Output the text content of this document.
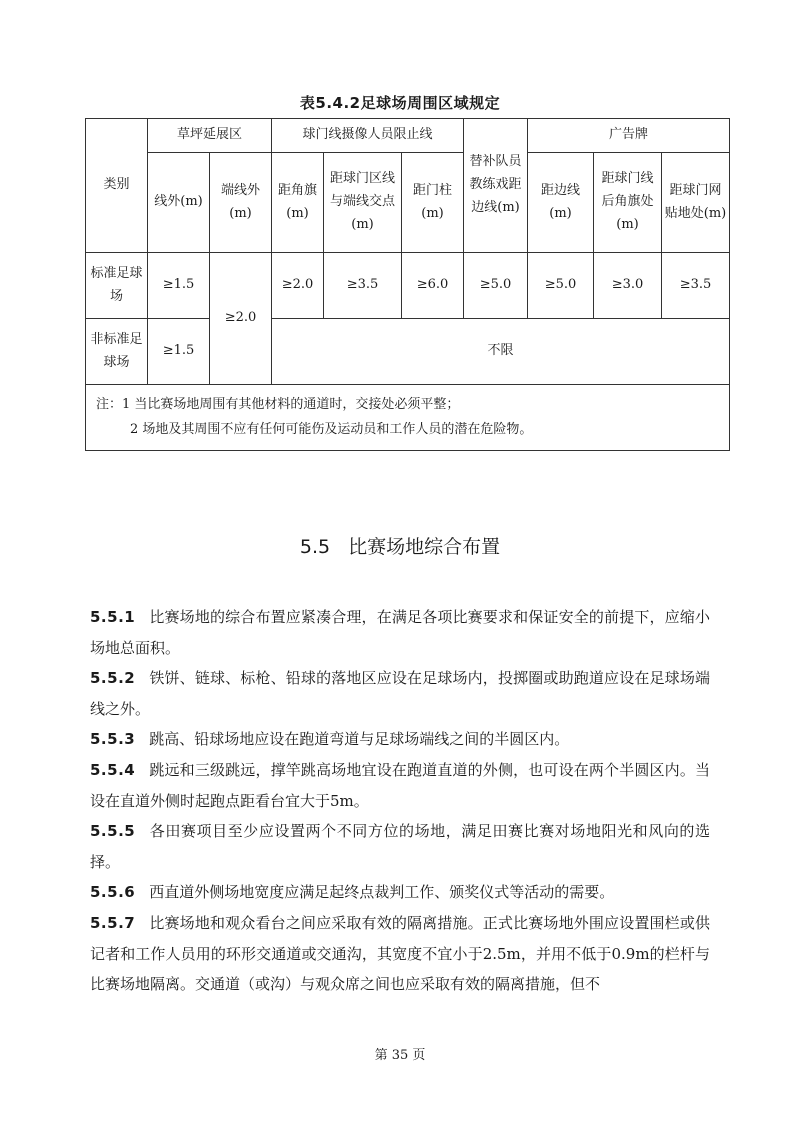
表5.4.2足球场周围区域规定
类别	草坪延展区		球门线摄像人员限止线			替补队员教练戏距边线(m)	广告牌		
	线外(m)	端线外(m)	距角旗(m)	距球门区线与端线交点(m)	距门柱(m)		距边线(m)	距球门线后角旗处(m)	距球门网贴地处(m)
标准足球场	≥1.5	≥2.0	≥2.0	≥3.5	≥6.0	≥5.0	≥5.0	≥3.0	≥3.5
非标准足球场	≥1.5		不限						

注：1 当比赛场地周围有其他材料的通道时，交接处必须平整；
2 场地及其周围不应有任何可能伤及运动员和工作人员的潜在危险物。									
5.5 比赛场地综合布置

5.5.1 比赛场地的综合布置应紧凑合理，在满足各项比赛要求和保证安全的前提下，应缩小场地总面积。

5.5.2 铁饼、链球、标枪、铅球的落地区应设在足球场内，投掷圈或助跑道应设在足球场端线之外。

5.5.3 跳高、铅球场地应设在跑道弯道与足球场端线之间的半圆区内。

5.5.4 跳远和三级跳远，撑竿跳高场地宜设在跑道直道的外侧，也可设在两个半圆区内。当设在直道外侧时起跑点距看台宜大于5m。

5.5.5 各田赛项目至少应设置两个不同方位的场地，满足田赛比赛对场地阳光和风向的选择。

5.5.6 西直道外侧场地宽度应满足起终点裁判工作、颁奖仪式等活动的需要。

5.5.7 比赛场地和观众看台之间应采取有效的隔离措施。正式比赛场地外围应设置围栏或供记者和工作人员用的环形交通道或交通沟，其宽度不宜小于2.5m，并用不低于0.9m的栏杆与比赛场地隔离。交通道（或沟）与观众席之间也应采取有效的隔离措施，但不

第 35 页
